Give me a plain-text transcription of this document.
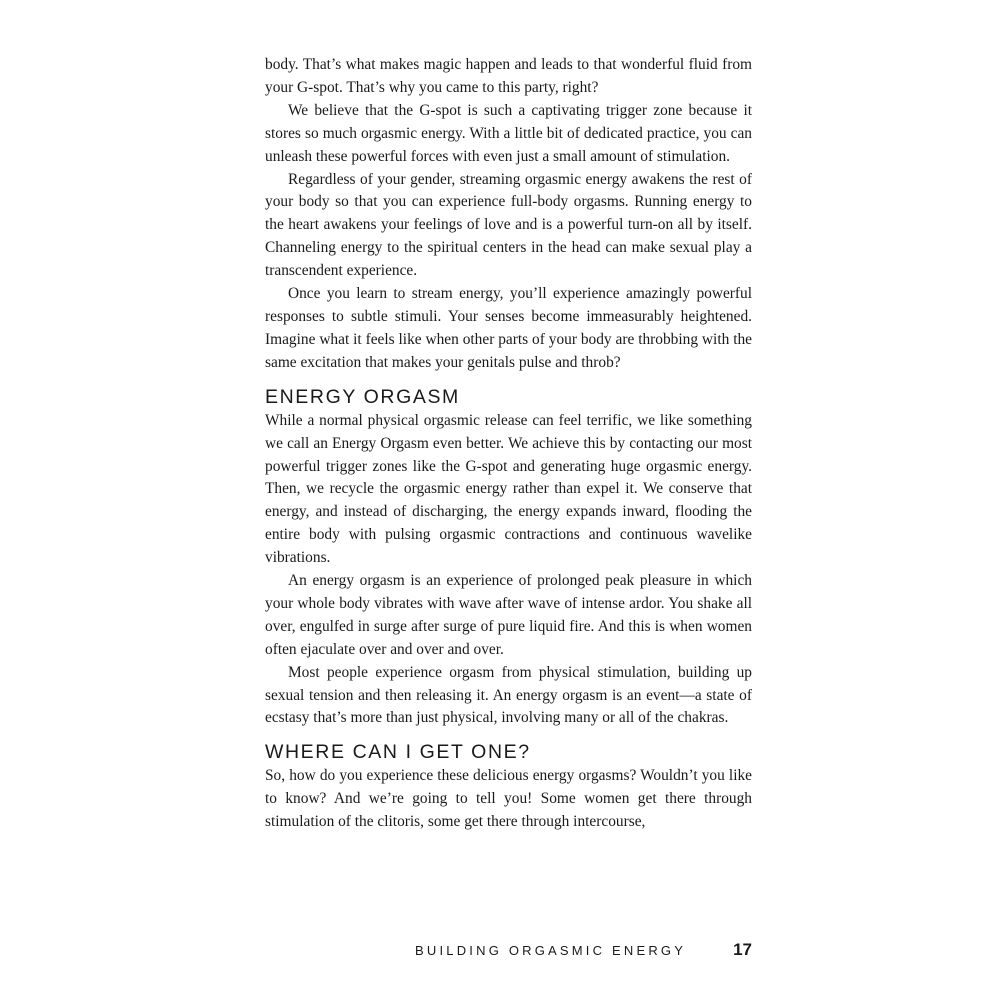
body. That’s what makes magic happen and leads to that wonderful fluid from your G-spot. That’s why you came to this party, right?

We believe that the G-spot is such a captivating trigger zone because it stores so much orgasmic energy. With a little bit of dedicated practice, you can unleash these powerful forces with even just a small amount of stimulation.

Regardless of your gender, streaming orgasmic energy awakens the rest of your body so that you can experience full-body orgasms. Running energy to the heart awakens your feelings of love and is a powerful turn-on all by itself. Channeling energy to the spiritual centers in the head can make sexual play a transcendent experience.

Once you learn to stream energy, you’ll experience amazingly powerful responses to subtle stimuli. Your senses become immeasurably heightened. Imagine what it feels like when other parts of your body are throbbing with the same excitation that makes your genitals pulse and throb?

ENERGY ORGASM

While a normal physical orgasmic release can feel terrific, we like something we call an Energy Orgasm even better. We achieve this by contacting our most powerful trigger zones like the G-spot and generating huge orgasmic energy. Then, we recycle the orgasmic energy rather than expel it. We conserve that energy, and instead of discharging, the energy expands inward, flooding the entire body with pulsing orgasmic contractions and continuous wavelike vibrations.

An energy orgasm is an experience of prolonged peak pleasure in which your whole body vibrates with wave after wave of intense ardor. You shake all over, engulfed in surge after surge of pure liquid fire. And this is when women often ejaculate over and over and over.

Most people experience orgasm from physical stimulation, building up sexual tension and then releasing it. An energy orgasm is an event—a state of ecstasy that’s more than just physical, involving many or all of the chakras.

WHERE CAN I GET ONE?

So, how do you experience these delicious energy orgasms? Wouldn’t you like to know? And we’re going to tell you! Some women get there through stimulation of the clitoris, some get there through intercourse,

BUILDING ORGASMIC ENERGY	17
